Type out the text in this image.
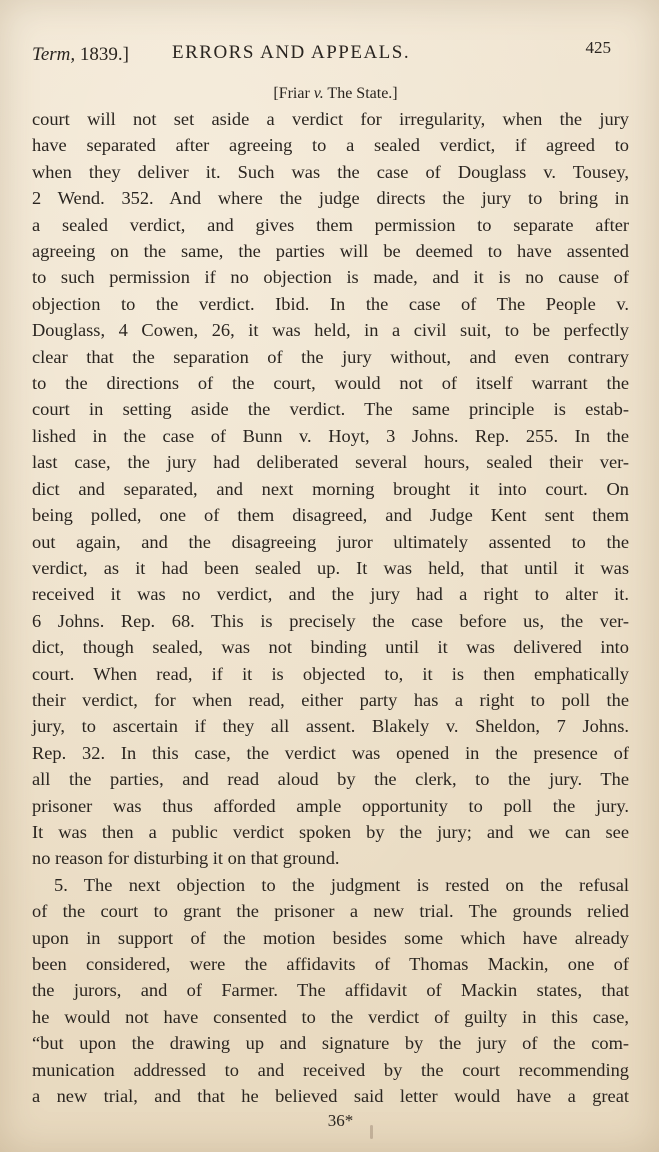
Term, 1839.] ERRORS AND APPEALS.	425
[Friar v. The State.]
court will not set aside a verdict for irregularity, when the jury
have separated after agreeing to a sealed verdict, if agreed to
when they deliver it. Such was the case of Douglass v. Tousey,
2 Wend. 352. And where the judge directs the jury to bring in
a sealed verdict, and gives them permission to separate after
agreeing on the same, the parties will be deemed to have assented
to such permission if no objection is made, and it is no cause of
objection to the verdict. Ibid. In the case of The People v.
Douglass, 4 Cowen, 26, it was held, in a civil suit, to be perfectly
clear that the separation of the jury without, and even contrary
to the directions of the court, would not of itself warrant the
court in setting aside the verdict. The same principle is estab-
lished in the case of Bunn v. Hoyt, 3 Johns. Rep. 255. In the
last case, the jury had deliberated several hours, sealed their ver-
dict and separated, and next morning brought it into court. On
being polled, one of them disagreed, and Judge Kent sent them
out again, and the disagreeing juror ultimately assented to the
verdict, as it had been sealed up. It was held, that until it was
received it was no verdict, and the jury had a right to alter it.
6 Johns. Rep. 68. This is precisely the case before us, the ver-
dict, though sealed, was not binding until it was delivered into
court. When read, if it is objected to, it is then emphatically
their verdict, for when read, either party has a right to poll the
jury, to ascertain if they all assent. Blakely v. Sheldon, 7 Johns.
Rep. 32. In this case, the verdict was opened in the presence of
all the parties, and read aloud by the clerk, to the jury. The
prisoner was thus afforded ample opportunity to poll the jury.
It was then a public verdict spoken by the jury; and we can see
no reason for disturbing it on that ground.
5. The next objection to the judgment is rested on the refusal
of the court to grant the prisoner a new trial. The grounds relied
upon in support of the motion besides some which have already
been considered, were the affidavits of Thomas Mackin, one of
the jurors, and of Farmer. The affidavit of Mackin states, that
he would not have consented to the verdict of guilty in this case,
“but upon the drawing up and signature by the jury of the com-
munication addressed to and received by the court recommending
a new trial, and that he believed said letter would have a great
36*
